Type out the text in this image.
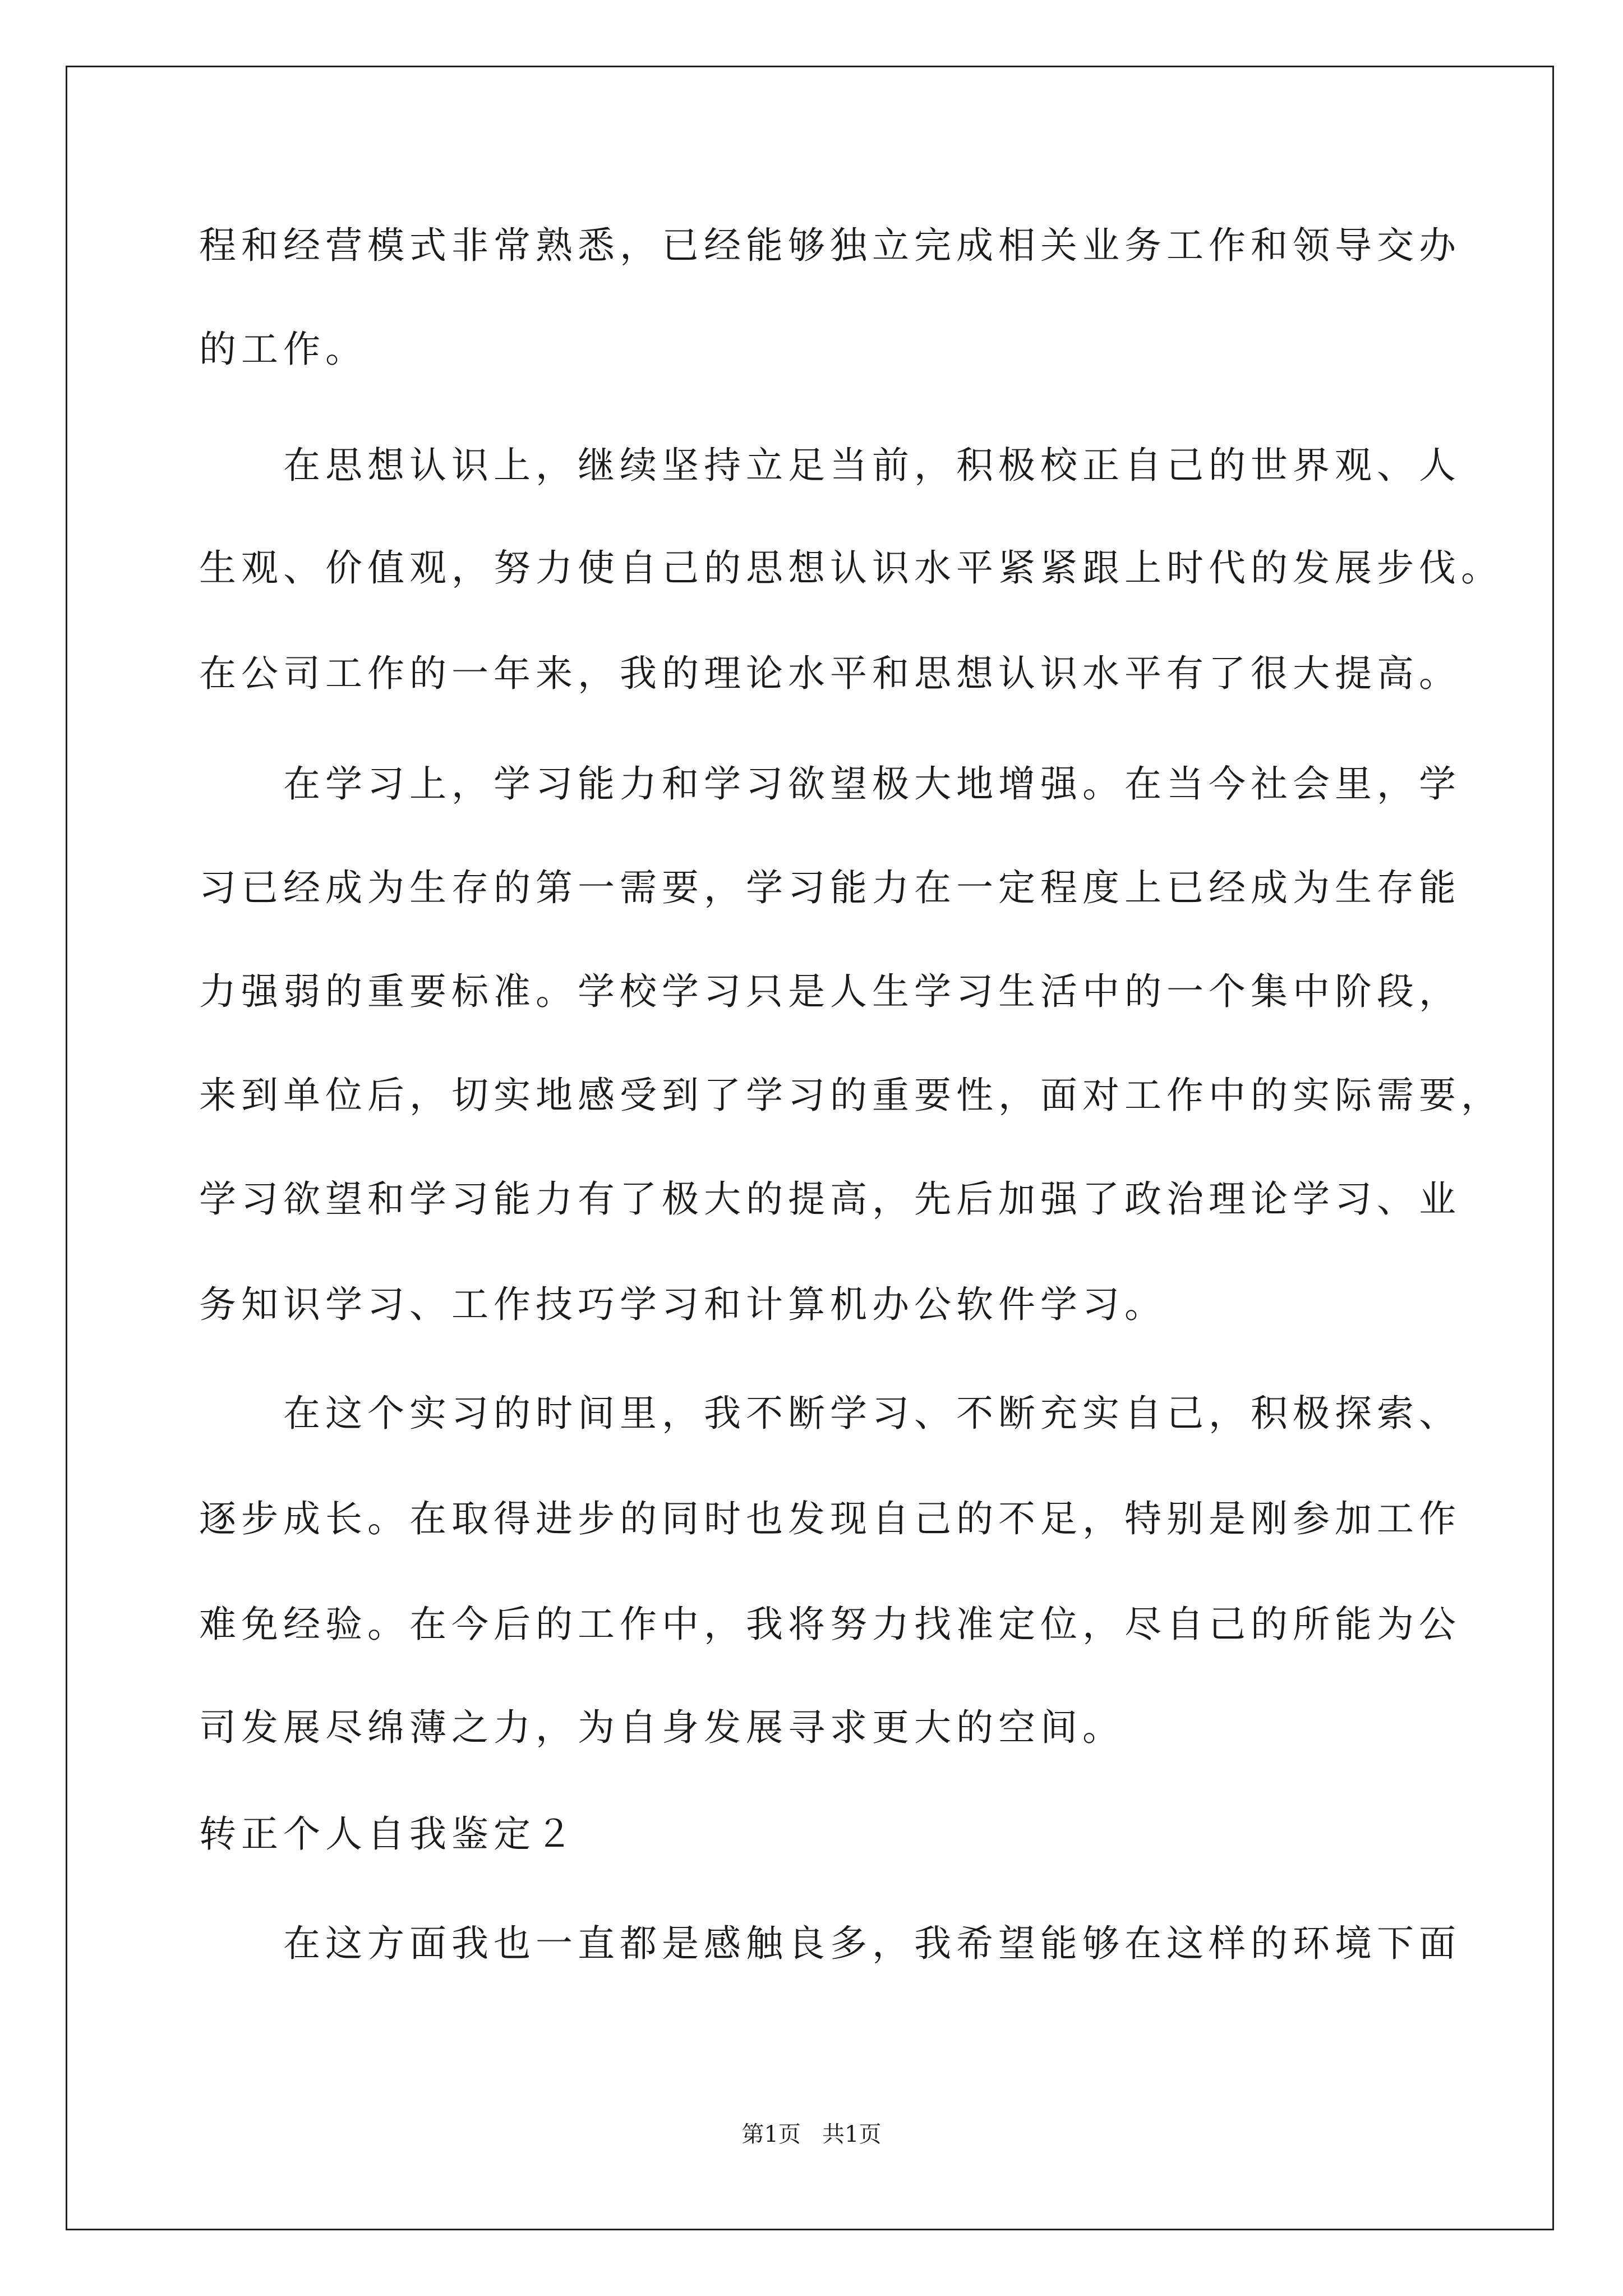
程和经营模式非常熟悉，已经能够独立完成相关业务工作和领导交办
的工作。
在思想认识上，继续坚持立足当前，积极校正自己的世界观、人
生观、价值观，努力使自己的思想认识水平紧紧跟上时代的发展步伐。
在公司工作的一年来，我的理论水平和思想认识水平有了很大提高。
在学习上，学习能力和学习欲望极大地增强。在当今社会里，学
习已经成为生存的第一需要，学习能力在一定程度上已经成为生存能
力强弱的重要标准。学校学习只是人生学习生活中的一个集中阶段，
来到单位后，切实地感受到了学习的重要性，面对工作中的实际需要，
学习欲望和学习能力有了极大的提高，先后加强了政治理论学习、业
务知识学习、工作技巧学习和计算机办公软件学习。
在这个实习的时间里，我不断学习、不断充实自己，积极探索、
逐步成长。在取得进步的同时也发现自己的不足，特别是刚参加工作
难免经验。在今后的工作中，我将努力找准定位，尽自己的所能为公
司发展尽绵薄之力，为自身发展寻求更大的空间。
转正个人自我鉴定２
在这方面我也一直都是感触良多，我希望能够在这样的环境下面
第1页   共1页
